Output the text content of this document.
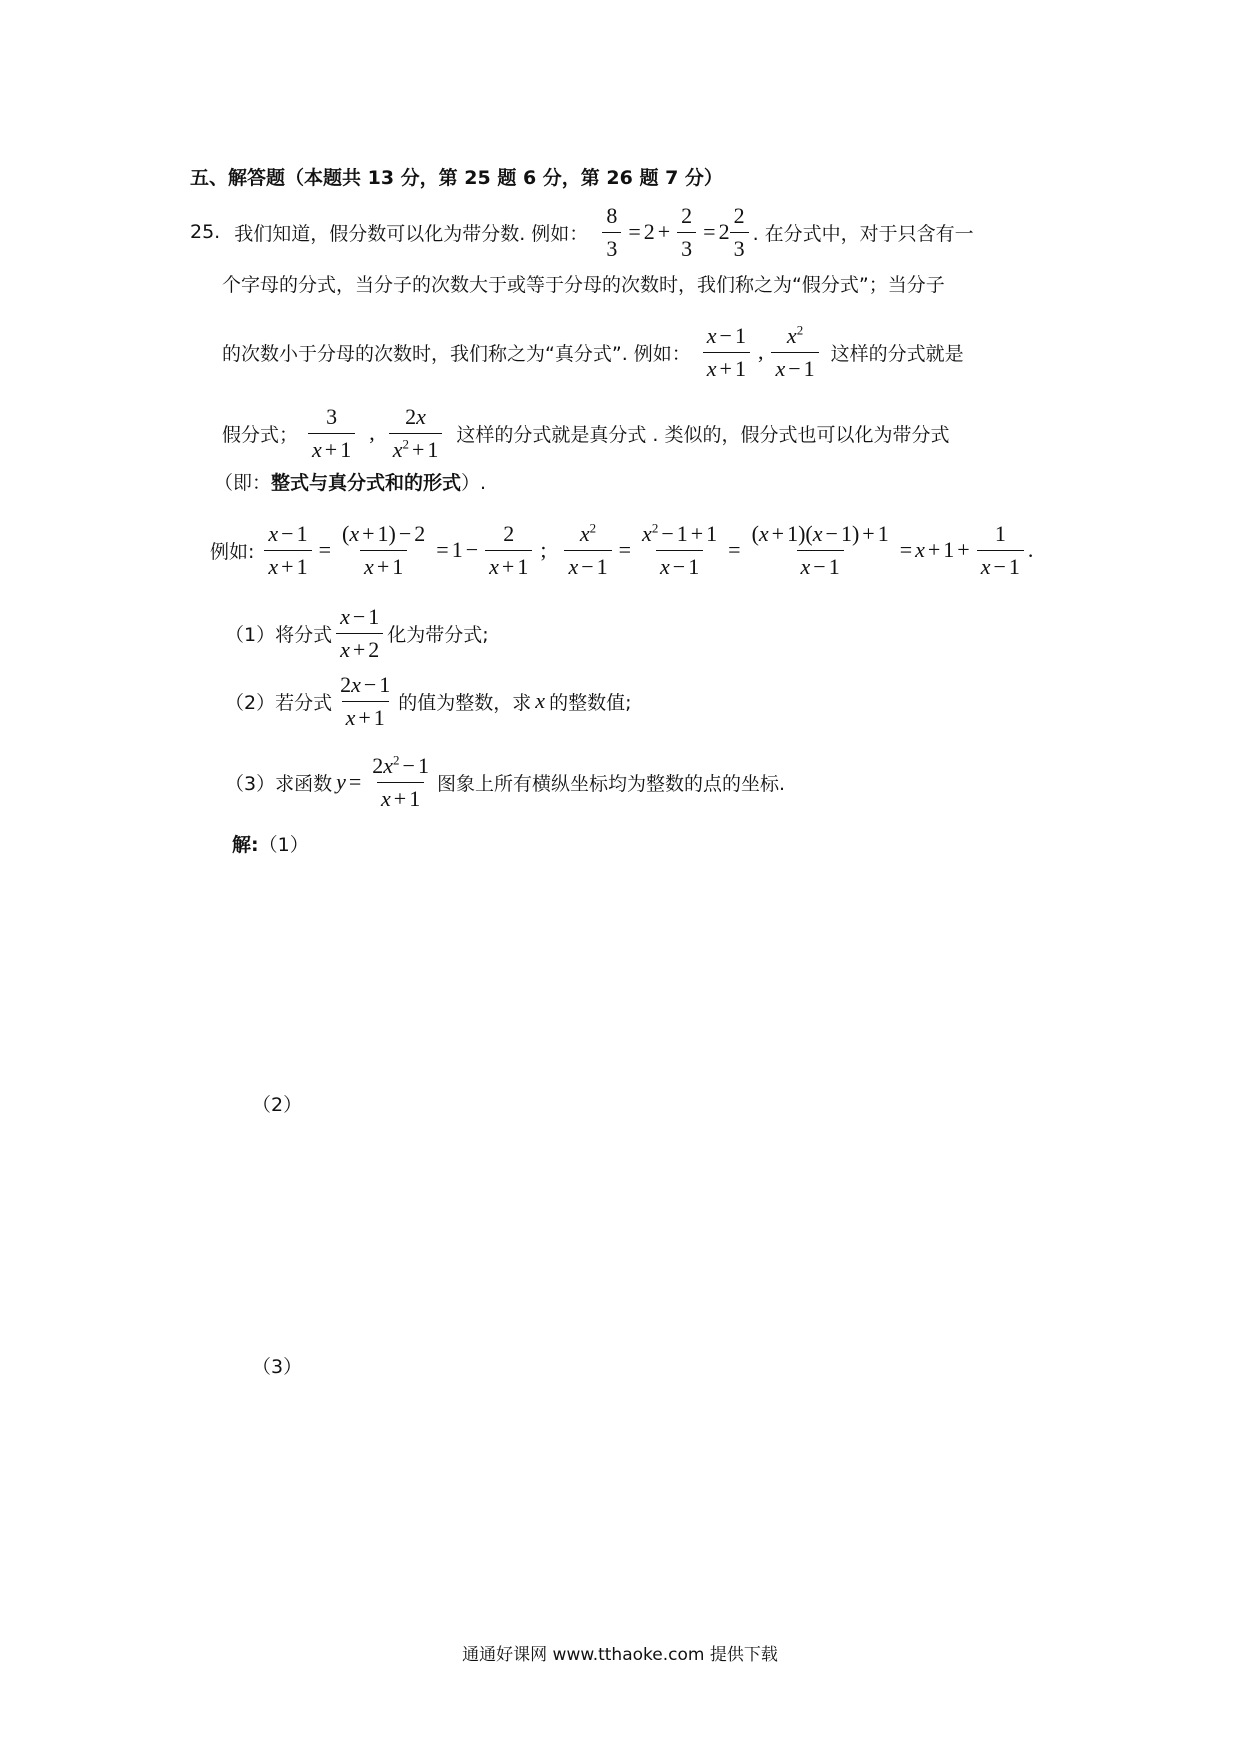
五、解答题（本题共 13 分，第 25 题 6 分，第 26 题 7 分）
25. 我们知道，假分数可以化为带分数. 例如： $\frac{8}{3} = 2 + \frac{2}{3} = 2 \frac{2}{3}$ . 在分式中，对于只含有一
个字母的分式，当分子的次数大于或等于分母的次数时，我们称之为“假分式”；当分子
的次数小于分母的次数时，我们称之为“真分式”. 例如： $\frac{x - 1}{x + 1}$ , $\frac{x^2}{x - 1}$ 这样的分式就是
假分式； $\frac{3}{x + 1}$ , $\frac{2x}{x^2 + 1}$ 这样的分式就是真分式 . 类似的，假分式也可以化为带分式
（即： 整式与真分式和的形式 ）.
例如: $\frac{x - 1}{x + 1} = \frac{(x + 1) - 2}{x + 1} = 1 - \frac{2}{x + 1}$ ; $\frac{x^2}{x - 1} = \frac{x^2 - 1 + 1}{x - 1} = \frac{(x + 1)(x - 1) + 1}{x - 1} = x + 1 + \frac{1}{x - 1}$ .
（1）将分式 $\frac{x - 1}{x + 2}$ 化为带分式;
（2）若分式 $\frac{2x - 1}{x + 1}$ 的值为整数，求 x 的整数值;
（3）求函数 $y = \frac{2x^2 - 1}{x + 1}$ 图象上所有横纵坐标均为整数的点的坐标.
解: （1）
（2）
（3）
通通好课网 www.tthaoke.com 提供下载
